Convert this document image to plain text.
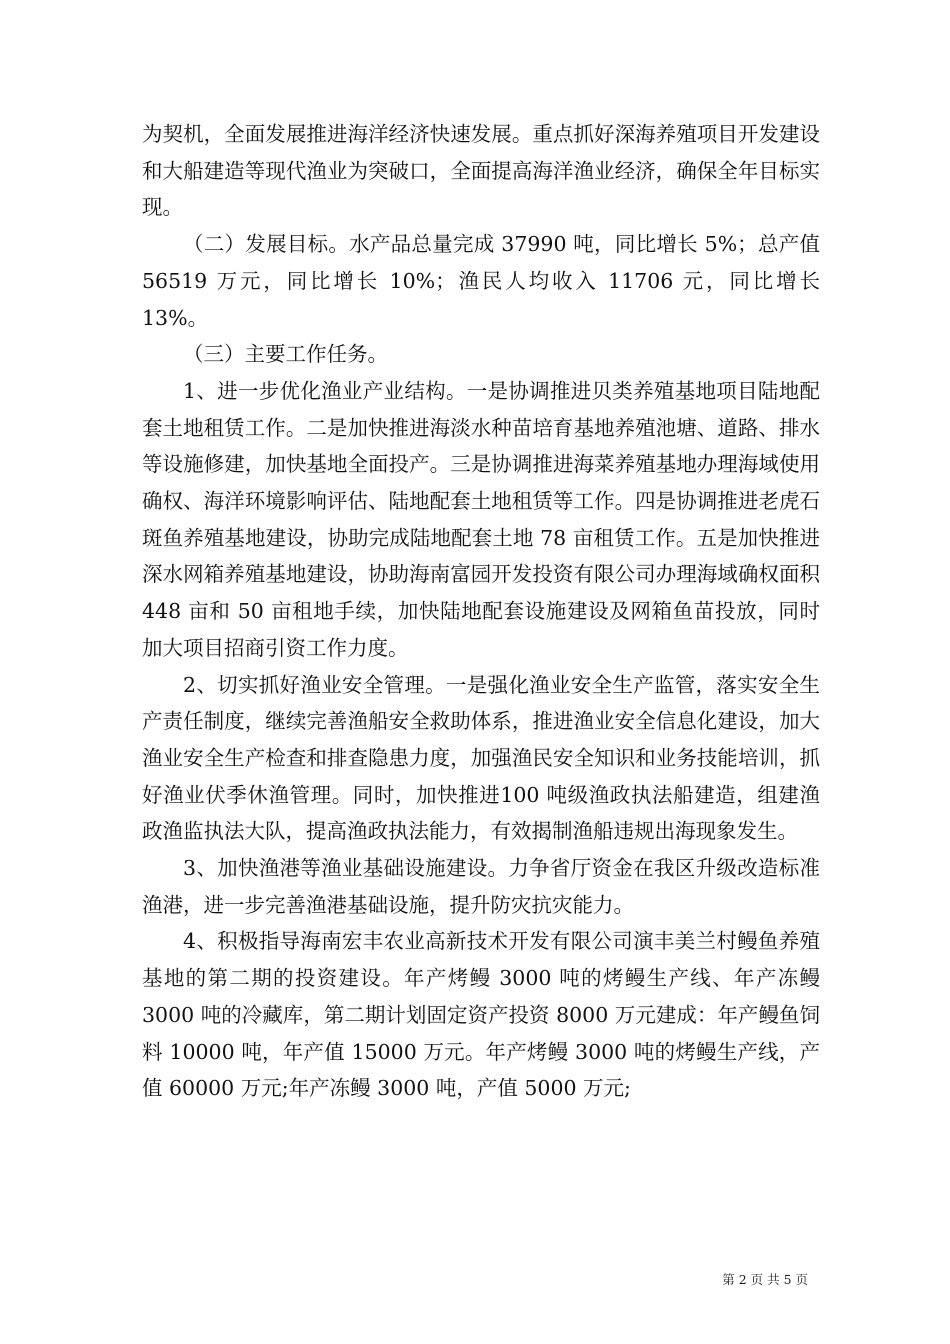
为契机，全面发展推进海洋经济快速发展。重点抓好深海养殖项目开发建设和大船建造等现代渔业为突破口，全面提高海洋渔业经济，确保全年目标实现。

（二）发展目标。水产品总量完成 37990 吨，同比增长 5%；总产值 56519 万元，同比增长 10%；渔民人均收入 11706 元，同比增长13%。

（三）主要工作任务。

1、进一步优化渔业产业结构。一是协调推进贝类养殖基地项目陆地配套土地租赁工作。二是加快推进海淡水种苗培育基地养殖池塘、道路、排水等设施修建，加快基地全面投产。三是协调推进海菜养殖基地办理海域使用确权、海洋环境影响评估、陆地配套土地租赁等工作。四是协调推进老虎石斑鱼养殖基地建设，协助完成陆地配套土地 78 亩租赁工作。五是加快推进深水网箱养殖基地建设，协助海南富园开发投资有限公司办理海域确权面积 448 亩和 50 亩租地手续，加快陆地配套设施建设及网箱鱼苗投放，同时加大项目招商引资工作力度。

2、切实抓好渔业安全管理。一是强化渔业安全生产监管，落实安全生产责任制度，继续完善渔船安全救助体系，推进渔业安全信息化建设，加大渔业安全生产检查和排查隐患力度，加强渔民安全知识和业务技能培训，抓好渔业伏季休渔管理。同时，加快推进100 吨级渔政执法船建造，组建渔政渔监执法大队，提高渔政执法能力，有效揭制渔船违规出海现象发生。

3、加快渔港等渔业基础设施建设。力争省厅资金在我区升级改造标准渔港，进一步完善渔港基础设施，提升防灾抗灾能力。

4、积极指导海南宏丰农业高新技术开发有限公司演丰美兰村鳗鱼养殖基地的第二期的投资建设。年产烤鳗 3000 吨的烤鳗生产线、年产冻鳗 3000 吨的冷藏库，第二期计划固定资产投资 8000 万元建成：年产鳗鱼饲料 10000 吨，年产值 15000 万元。年产烤鳗 3000 吨的烤鳗生产线，产值 60000 万元;年产冻鳗 3000 吨，产值 5000 万元;

第 2 页 共 5 页
